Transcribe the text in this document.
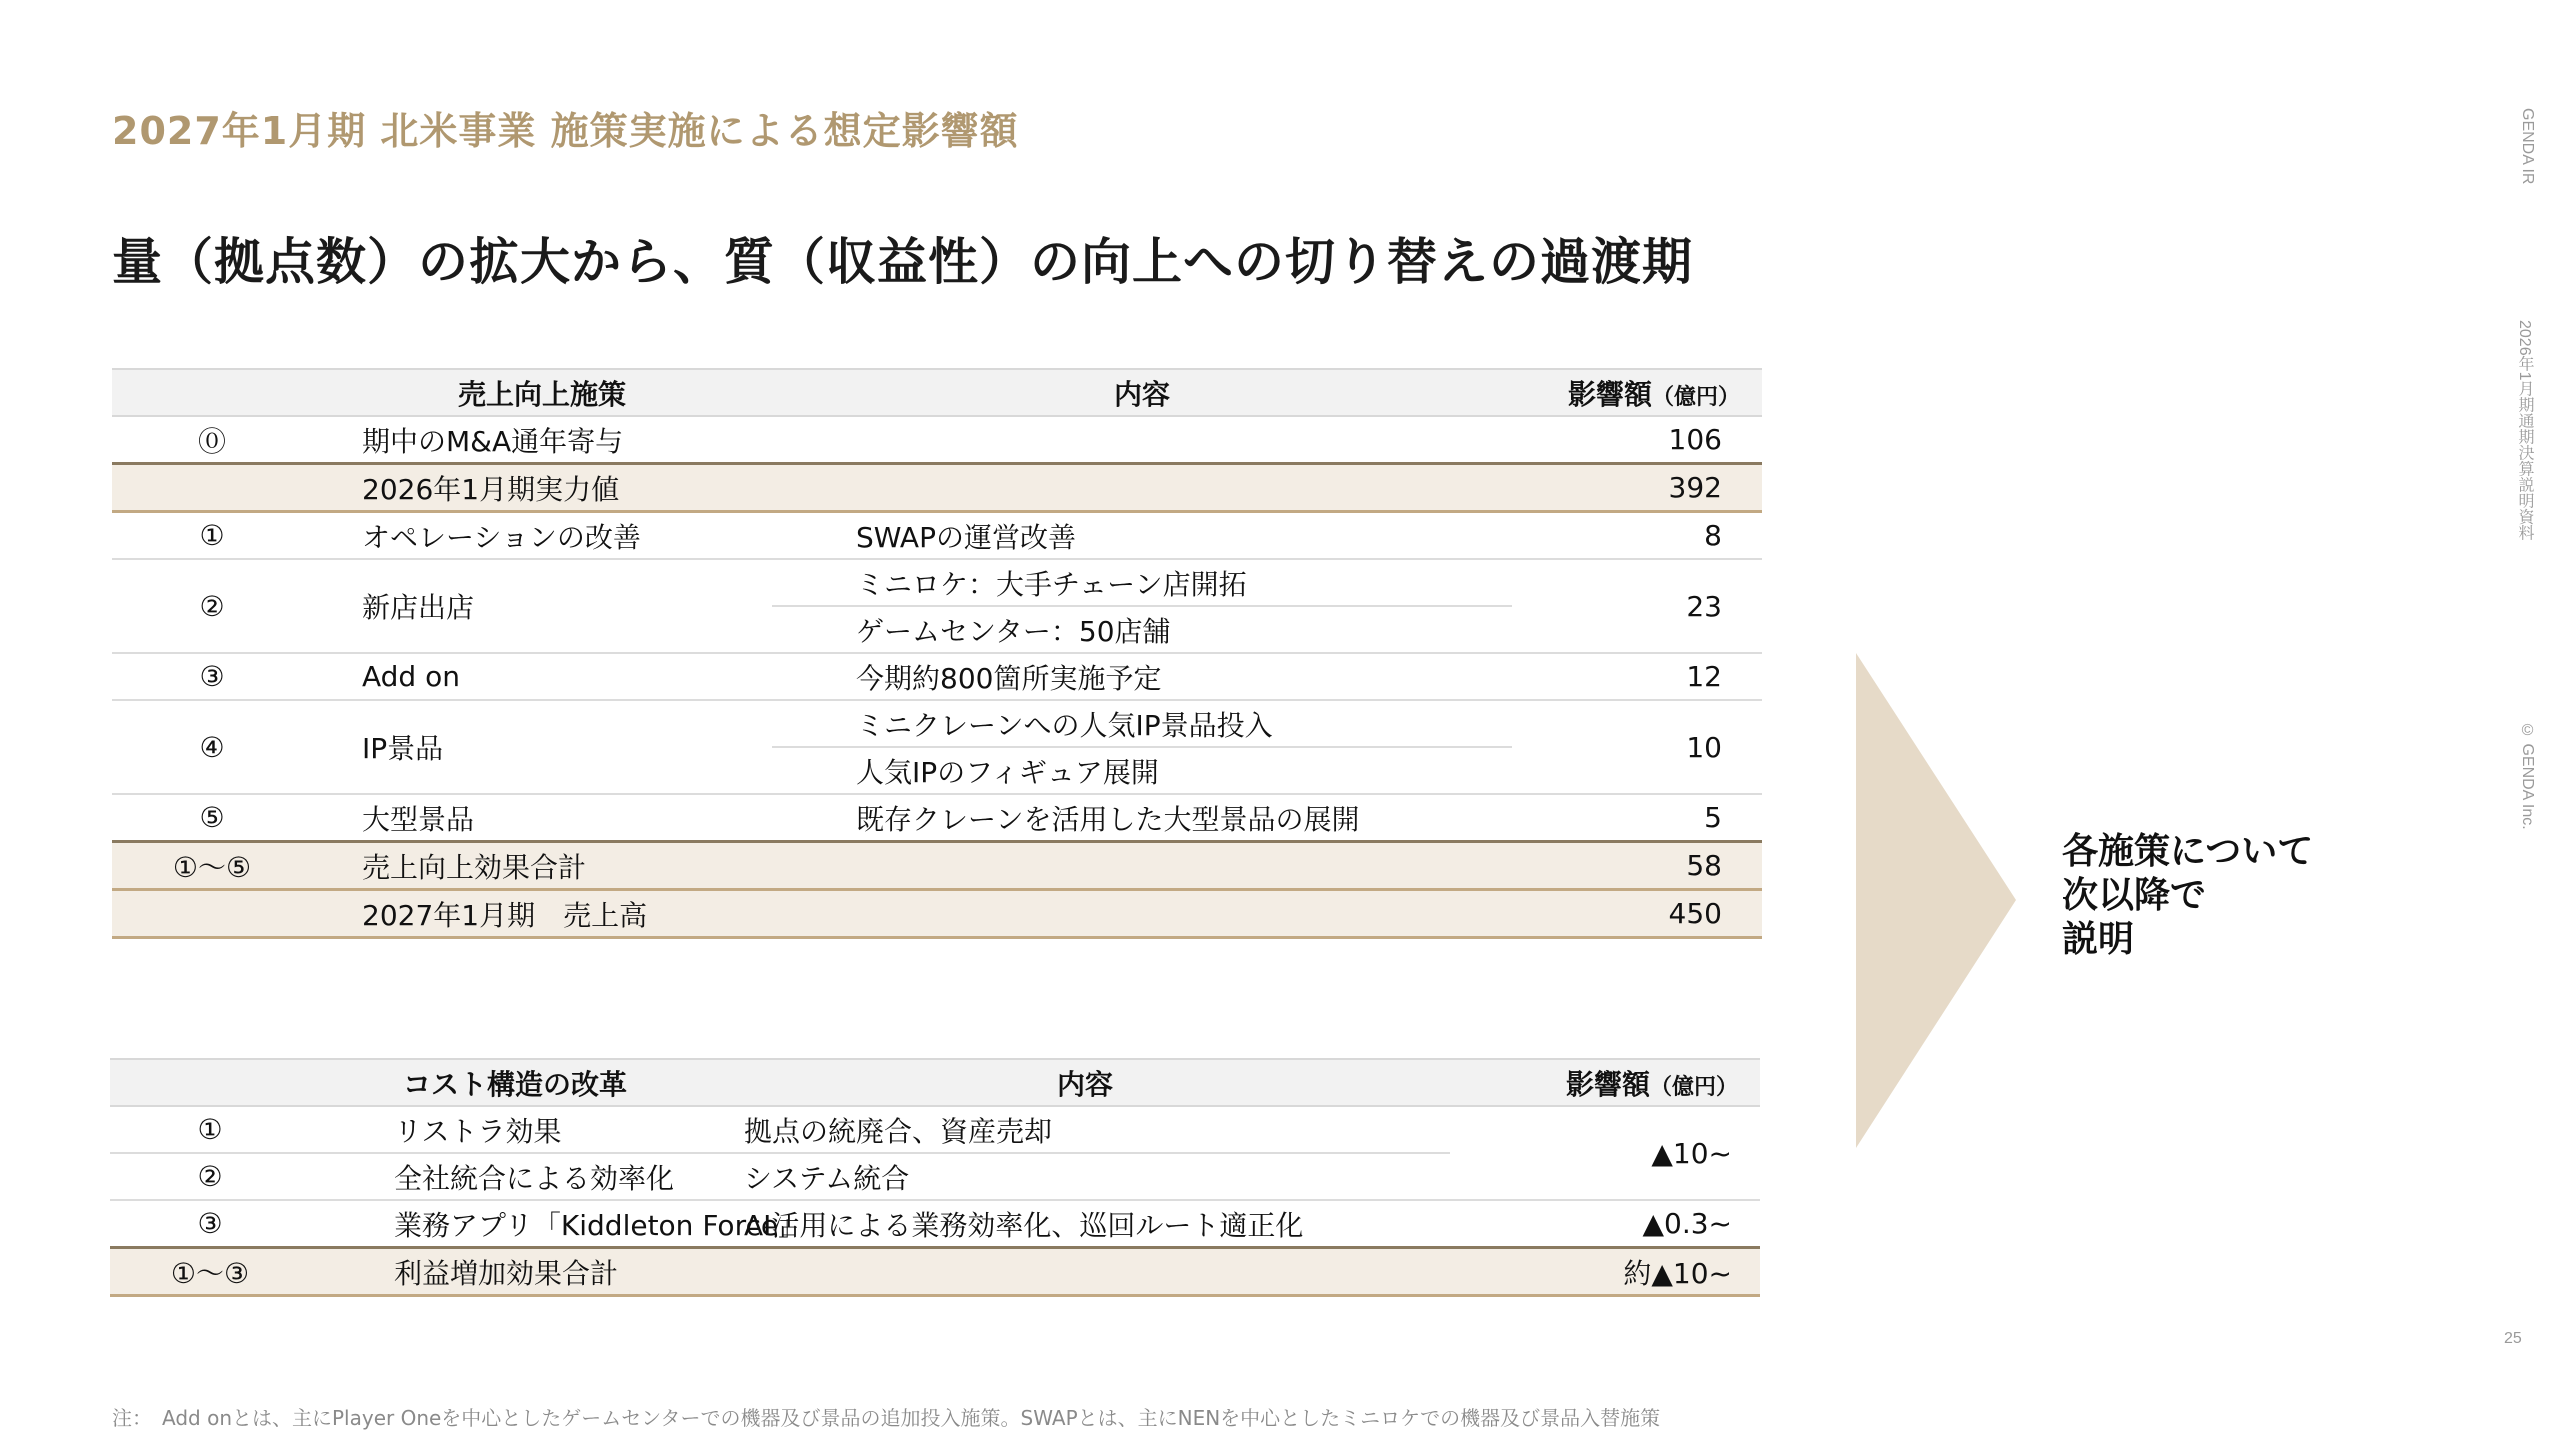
2027年1月期 北米事業 施策実施による想定影響額
量（拠点数）の拡大から、質（収益性）の向上への切り替えの過渡期
GENDA IR
2026年1月期通期決算説明資料
© GENDA Inc.
25
	売上向上施策	内容	影響額（億円）
⓪	期中のM&A通年寄与		106
	2026年1月期実力値		392
①	オペレーションの改善	SWAPの運営改善	8
②	新店出店	ミニロケ：大手チェーン店開拓	23
		ゲームセンター：50店舗	
③	Add on	今期約800箇所実施予定	12
④	IP景品	ミニクレーンへの人気IP景品投入	10
		人気IPのフィギュア展開	
⑤	大型景品	既存クレーンを活用した大型景品の展開	5
①～⑤	売上向上効果合計		58
	2027年1月期　売上高		450
	コスト構造の改革	内容	影響額（億円）
①	リストラ効果	拠点の統廃合、資産売却	▲10~
②	全社統合による効率化	システム統合	
③	業務アプリ「Kiddleton Force」	AI活用による業務効率化、巡回ルート適正化	▲0.3~
①～③	利益増加効果合計		約▲10~
各施策について
次以降で
説明
注：　Add onとは、主にPlayer Oneを中心としたゲームセンターでの機器及び景品の追加投入施策。SWAPとは、主にNENを中心としたミニロケでの機器及び景品入替施策
